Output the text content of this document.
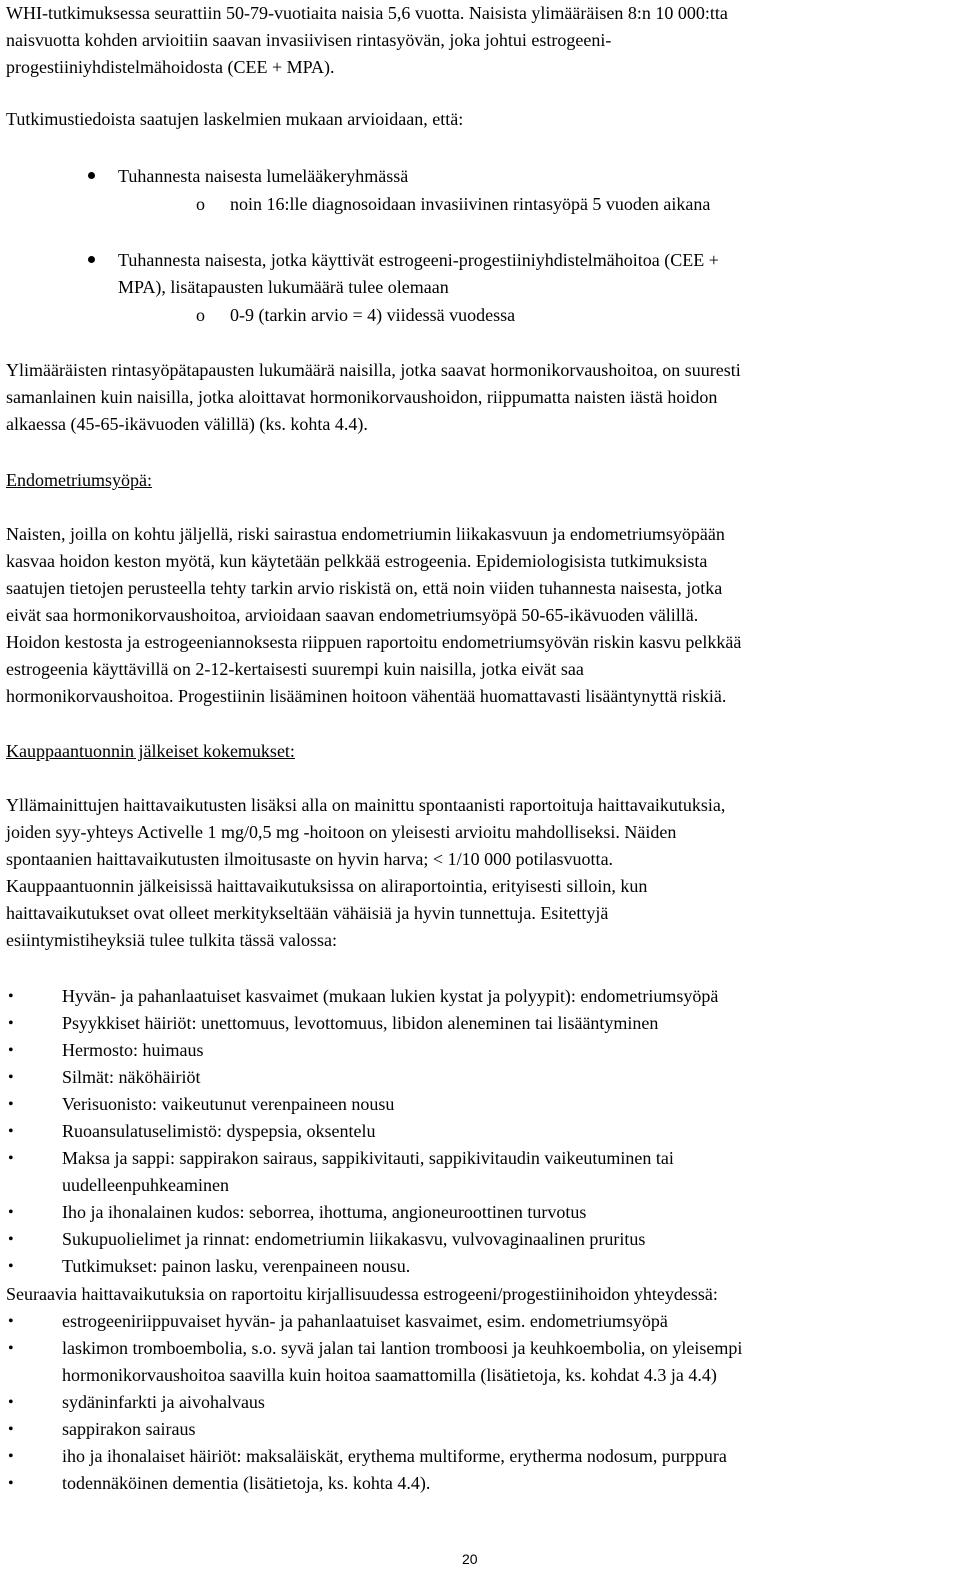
WHI-tutkimuksessa seurattiin 50-79-vuotiaita naisia 5,6 vuotta. Naisista ylimääräisen 8:n 10 000:tta

naisvuotta kohden arvioitiin saavan invasiivisen rintasyövän, joka johtui estrogeeni-

progestiiniyhdistelmähoidosta (CEE + MPA).

Tutkimustiedoista saatujen laskelmien mukaan arvioidaan, että:

Tuhannesta naisesta lumelääkeryhmässä

o noin 16:lle diagnosoidaan invasiivinen rintasyöpä 5 vuoden aikana

Tuhannesta naisesta, jotka käyttivät estrogeeni-progestiiniyhdistelmähoitoa (CEE +

MPA), lisätapausten lukumäärä tulee olemaan

o 0-9 (tarkin arvio = 4) viidessä vuodessa

Ylimääräisten rintasyöpätapausten lukumäärä naisilla, jotka saavat hormonikorvaushoitoa, on suuresti

samanlainen kuin naisilla, jotka aloittavat hormonikorvaushoidon, riippumatta naisten iästä hoidon

alkaessa (45-65-ikävuoden välillä) (ks. kohta 4.4).

Endometriumsyöpä:

Naisten, joilla on kohtu jäljellä, riski sairastua endometriumin liikakasvuun ja endometriumsyöpään

kasvaa hoidon keston myötä, kun käytetään pelkkää estrogeenia. Epidemiologisista tutkimuksista

saatujen tietojen perusteella tehty tarkin arvio riskistä on, että noin viiden tuhannesta naisesta, jotka

eivät saa hormonikorvaushoitoa, arvioidaan saavan endometriumsyöpä 50-65-ikävuoden välillä.

Hoidon kestosta ja estrogeeniannoksesta riippuen raportoitu endometriumsyövän riskin kasvu pelkkää

estrogeenia käyttävillä on 2-12-kertaisesti suurempi kuin naisilla, jotka eivät saa

hormonikorvaushoitoa. Progestiinin lisääminen hoitoon vähentää huomattavasti lisääntynyttä riskiä.

Kauppaantuonnin jälkeiset kokemukset:

Yllämainittujen haittavaikutusten lisäksi alla on mainittu spontaanisti raportoituja haittavaikutuksia,

joiden syy-yhteys Activelle 1 mg/0,5 mg -hoitoon on yleisesti arvioitu mahdolliseksi. Näiden

spontaanien haittavaikutusten ilmoitusaste on hyvin harva; < 1/10 000 potilasvuotta.

Kauppaantuonnin jälkeisissä haittavaikutuksissa on aliraportointia, erityisesti silloin, kun

haittavaikutukset ovat olleet merkitykseltään vähäisiä ja hyvin tunnettuja. Esitettyjä

esiintymistiheyksiä tulee tulkita tässä valossa:

•	Hyvän- ja pahanlaatuiset kasvaimet (mukaan lukien kystat ja polyypit): endometriumsyöpä

•	Psyykkiset häiriöt: unettomuus, levottomuus, libidon aleneminen tai lisääntyminen

•	Hermosto: huimaus

•	Silmät: näköhäiriöt

•	Verisuonisto: vaikeutunut verenpaineen nousu

•	Ruoansulatuselimistö: dyspepsia, oksentelu

•	Maksa ja sappi: sappirakon sairaus, sappikivitauti, sappikivitaudin vaikeutuminen tai

uudelleenpuhkeaminen

•	Iho ja ihonalainen kudos: seborrea, ihottuma, angioneuroottinen turvotus

•	Sukupuolielimet ja rinnat: endometriumin liikakasvu, vulvovaginaalinen pruritus

•	Tutkimukset: painon lasku, verenpaineen nousu.

Seuraavia haittavaikutuksia on raportoitu kirjallisuudessa estrogeeni/progestiinihoidon yhteydessä:

•	estrogeeniriippuvaiset hyvän- ja pahanlaatuiset kasvaimet, esim. endometriumsyöpä

•	laskimon tromboembolia, s.o. syvä jalan tai lantion tromboosi ja keuhkoembolia, on yleisempi

hormonikorvaushoitoa saavilla kuin hoitoa saamattomilla (lisätietoja, ks. kohdat 4.3 ja 4.4)

•	sydäninfarkti ja aivohalvaus

•	sappirakon sairaus

•	iho ja ihonalaiset häiriöt: maksaläiskät, erythema multiforme, erytherma nodosum, purppura

•	todennäköinen dementia (lisätietoja, ks. kohta 4.4).

20
